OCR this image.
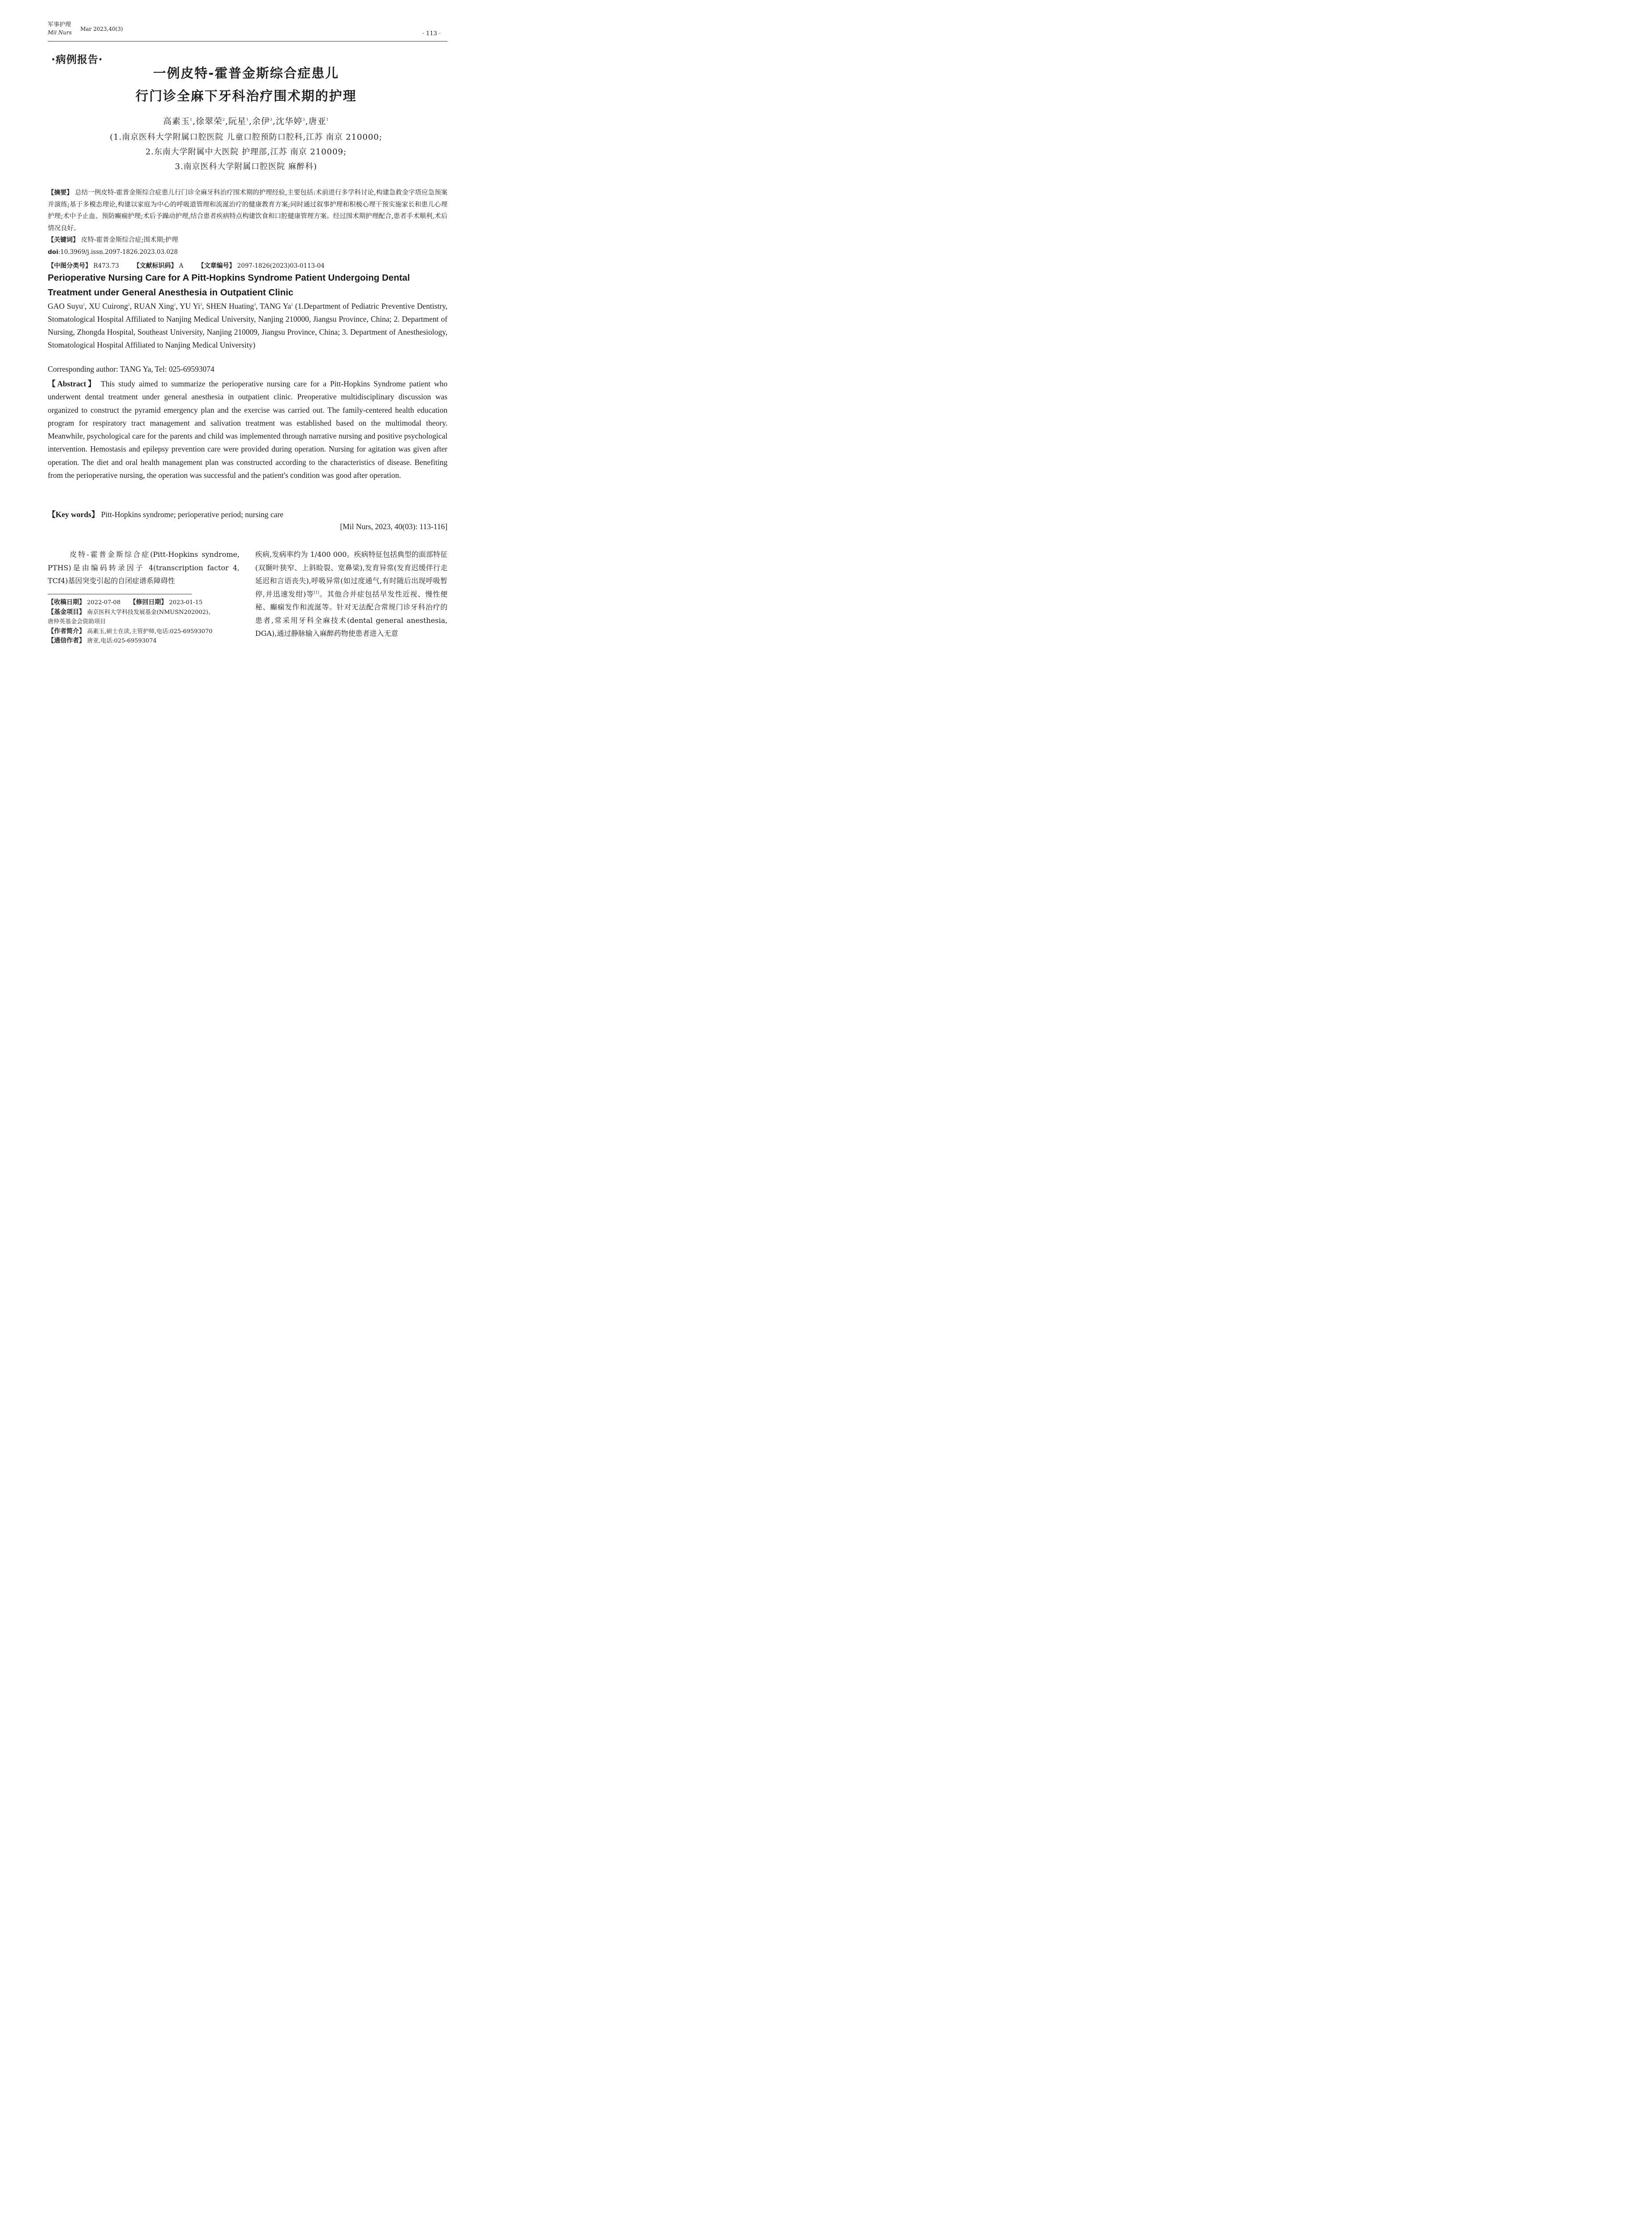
军事护理
Mil Nurs
Mar 2023,40(3)
· 113 ·
·病例报告·
一例皮特-霍普金斯综合症患儿
行门诊全麻下牙科治疗围术期的护理
高素玉$^1$,徐翠荣$^2$,阮星$^1$,余伊$^3$,沈华婷$^3$,唐亚$^1$
(1.南京医科大学附属口腔医院 儿童口腔预防口腔科,江苏 南京 210000;
2.东南大学附属中大医院 护理部,江苏 南京 210009;
3.南京医科大学附属口腔医院 麻醉科)
【摘要】 总结一例皮特-霍普金斯综合症患儿行门诊全麻牙科治疗围术期的护理经验,主要包括:术前进行多学科讨论,构建急救金字塔应急预案并演练;基于多模态理论,构建以家庭为中心的呼吸道管理和流涎治疗的健康教育方案;同时通过叙事护理和积极心理干预实施家长和患儿心理护理;术中予止血、预防癫痫护理;术后予躁动护理,结合患者疾病特点构建饮食和口腔健康管理方案。经过围术期护理配合,患者手术顺利,术后情况良好。
【关键词】 皮特-霍普金斯综合症;围术期;护理
doi:10.3969/j.issn.2097-1826.2023.03.028
【中图分类号】 R473.73 【文献标识码】 A 【文章编号】 2097-1826(2023)03-0113-04
Perioperative Nursing Care for A Pitt-Hopkins Syndrome Patient Undergoing Dental Treatment under General Anesthesia in Outpatient Clinic
GAO Suyu$^1$, XU Cuirong$^2$, RUAN Xing$^1$, YU Yi$^3$, SHEN Huating$^3$, TANG Ya$^1$ (1.Department of Pediatric Preventive Dentistry, Stomatological Hospital Affiliated to Nanjing Medical University, Nanjing 210000, Jiangsu Province, China; 2. Department of Nursing, Zhongda Hospital, Southeast University, Nanjing 210009, Jiangsu Province, China; 3. Department of Anesthesiology, Stomatological Hospital Affiliated to Nanjing Medical University)
Corresponding author: TANG Ya, Tel: 025-69593074
【Abstract】 This study aimed to summarize the perioperative nursing care for a Pitt-Hopkins Syndrome patient who underwent dental treatment under general anesthesia in outpatient clinic. Preoperative multidisciplinary discussion was organized to construct the pyramid emergency plan and the exercise was carried out. The family-centered health education program for respiratory tract management and salivation treatment was established based on the multimodal theory. Meanwhile, psychological care for the parents and child was implemented through narrative nursing and positive psychological intervention. Hemostasis and epilepsy prevention care were provided during operation. Nursing for agitation was given after operation. The diet and oral health management plan was constructed according to the characteristics of disease. Benefiting from the perioperative nursing, the operation was successful and the patient's condition was good after operation.
【Key words】 Pitt-Hopkins syndrome; perioperative period; nursing care
[Mil Nurs, 2023, 40(03): 113-116]
皮特-霍普金斯综合症(Pitt-Hopkins syndrome, PTHS)是由编码转录因子 4(transcription factor 4, TCf4)基因突变引起的自闭症谱系障碍性
【收稿日期】 2022-07-08 【修回日期】 2023-01-15
【基金项目】 南京医科大学科技发展基金(NMUSN202002)、
唐仲英基金会资助项目
【作者简介】 高素玉,硕士在读,主管护师,电话:025-69593070
【通信作者】 唐亚,电话:025-69593074
疾病,发病率约为 1/400 000。疾病特征包括典型的面部特征(双颞叶狭窄、上斜睑裂、宽鼻梁),发育异常(发育迟缓伴行走延迟和言语丧失),呼吸异常(如过度通气,有时随后出现呼吸暂停,并迅速发绀)等[1]。其他合并症包括早发性近视、慢性便秘、癫痫发作和流涎等。针对无法配合常规门诊牙科治疗的患者,常采用牙科全麻技术(dental general anesthesia, DGA),通过静脉输入麻醉药物使患者进入无意
